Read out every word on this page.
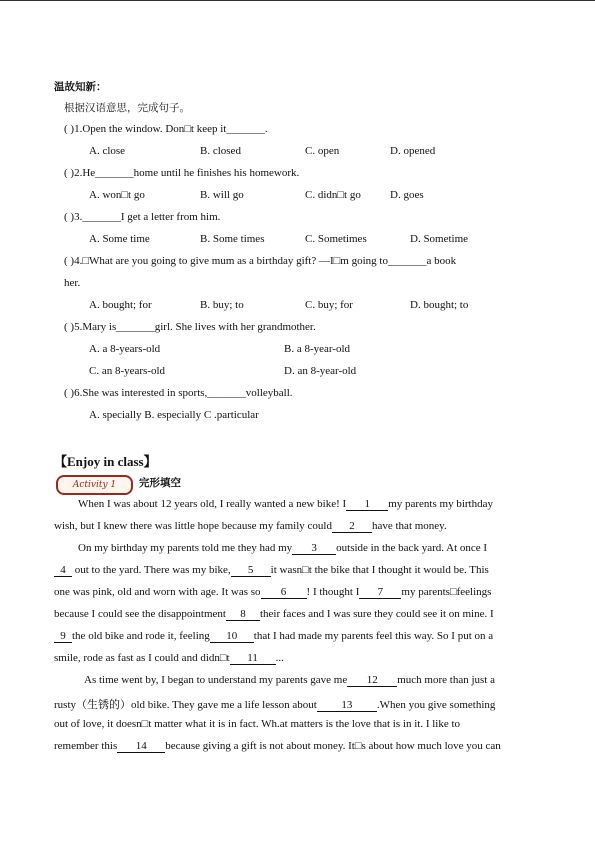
温故知新：
根据汉语意思，完成句子。
( )1.Open the window. Don□t keep it_______.
A. close	B. closed	C. open	D. opened
( )2.He_______home until he finishes his homework.
A. won□t go	B. will go	C. didn□t go	D. goes
( )3._______I get a letter from him.
A. Some time	B. Some times	C. Sometimes	D. Sometime
( )4.□What are you going to give mum as a birthday gift? —I□m going to_______a book
her.
A. bought; for	B. buy; to	C. buy; for	D. bought; to
( )5.Mary is_______girl. She lives with her grandmother.
A. a 8-years-old	B. a 8-year-old
C. an 8-years-old	D. an 8-year-old
( )6.She was interested in sports,_______volleyball.
A. specially B. especially C .particular
【Enjoy in class】
Activity 1	完形填空
When I was about 12 years old, I really wanted a new bike! I 1 my parents my birthday
wish, but I knew there was little hope because my family could 2 have that money.
On my birthday my parents told me they had my 3 outside in the back yard. At once I
4 out to the yard. There was my bike, 5 it wasn□t the bike that I thought it would be. This
one was pink, old and worn with age. It was so 6 ! I thought I 7 my parents□feelings
because I could see the disappointment 8 their faces and I was sure they could see it on mine. I
9 the old bike and rode it, feeling 10 that I had made my parents feel this way. So I put on a
smile, rode as fast as I could and didn□t 11 ...
As time went by, I began to understand my parents gave me 12 much more than just a
rusty（生锈的）old bike. They gave me a life lesson about 13 .When you give something
out of love, it doesn□t matter what it is in fact. Wh.at matters is the love that is in it. I like to
remember this 14 because giving a gift is not about money. It□s about how much love you can
